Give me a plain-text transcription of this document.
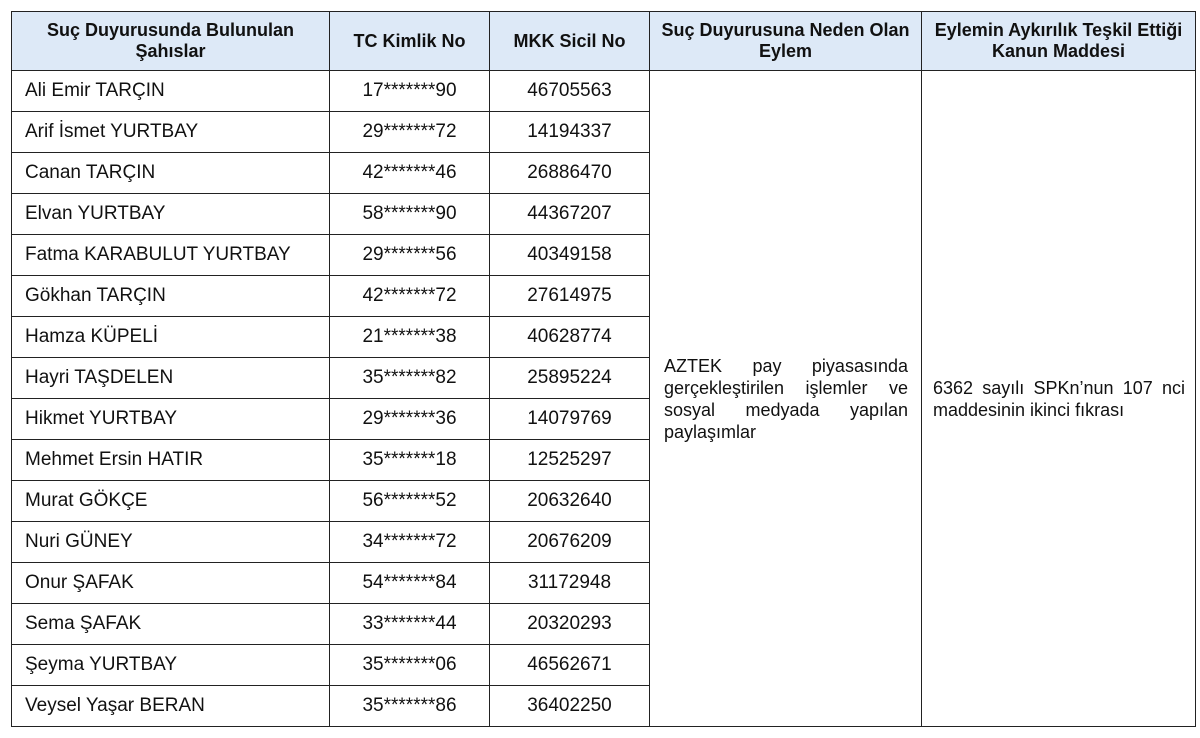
Suç Duyurusunda Bulunulan Şahıslar	TC Kimlik No	MKK Sicil No	Suç Duyurusuna Neden Olan Eylem	Eylemin Aykırılık Teşkil Ettiği Kanun Maddesi
Ali Emir TARÇIN	17*******90	46705563	AZTEK pay piyasasında gerçekleştirilen işlemler ve sosyal medyada yapılan paylaşımlar	6362 sayılı SPKn’nun 107 nci maddesinin ikinci fıkrası

Arif İsmet YURTBAY	29*******72	14194337		
Canan TARÇIN	42*******46	26886470		
Elvan YURTBAY	58*******90	44367207		
Fatma KARABULUT YURTBAY	29*******56	40349158		
Gökhan TARÇIN	42*******72	27614975		
Hamza KÜPELİ	21*******38	40628774		
Hayri TAŞDELEN	35*******82	25895224		
Hikmet YURTBAY	29*******36	14079769		
Mehmet Ersin HATIR	35*******18	12525297		
Murat GÖKÇE	56*******52	20632640		
Nuri GÜNEY	34*******72	20676209		
Onur ŞAFAK	54*******84	31172948		
Sema ŞAFAK	33*******44	20320293		
Şeyma YURTBAY	35*******06	46562671		
Veysel Yaşar BERAN	35*******86	36402250		
